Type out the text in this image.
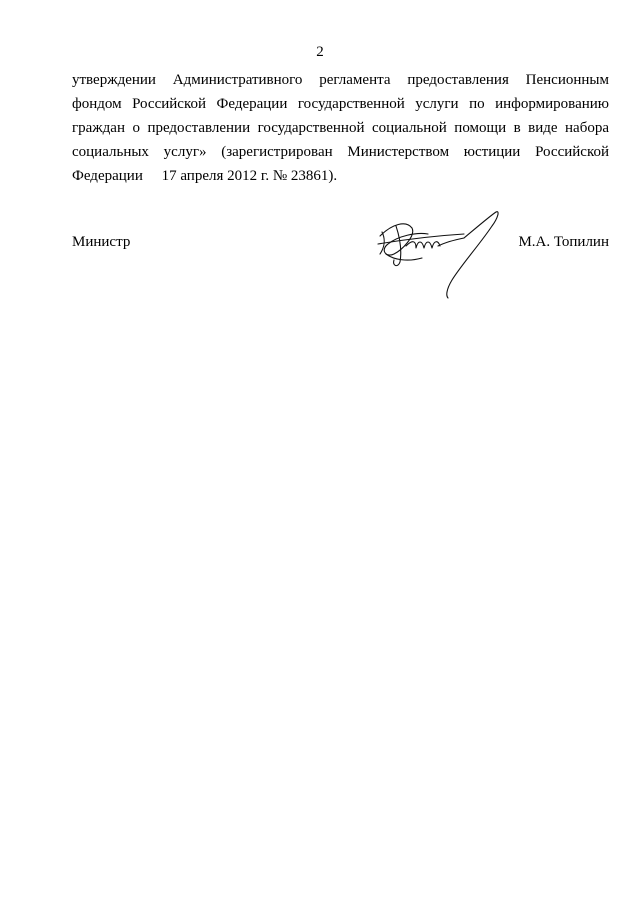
2
утверждении Административного регламента предоставления Пенсионным
фондом Российской Федерации государственной услуги по информированию
граждан о предоставлении государственной социальной помощи в виде набора
социальных услуг» (зарегистрирован Министерством юстиции Российской
Федерации     17 апреля 2012 г. № 23861).
Министр	М.А. Топилин
